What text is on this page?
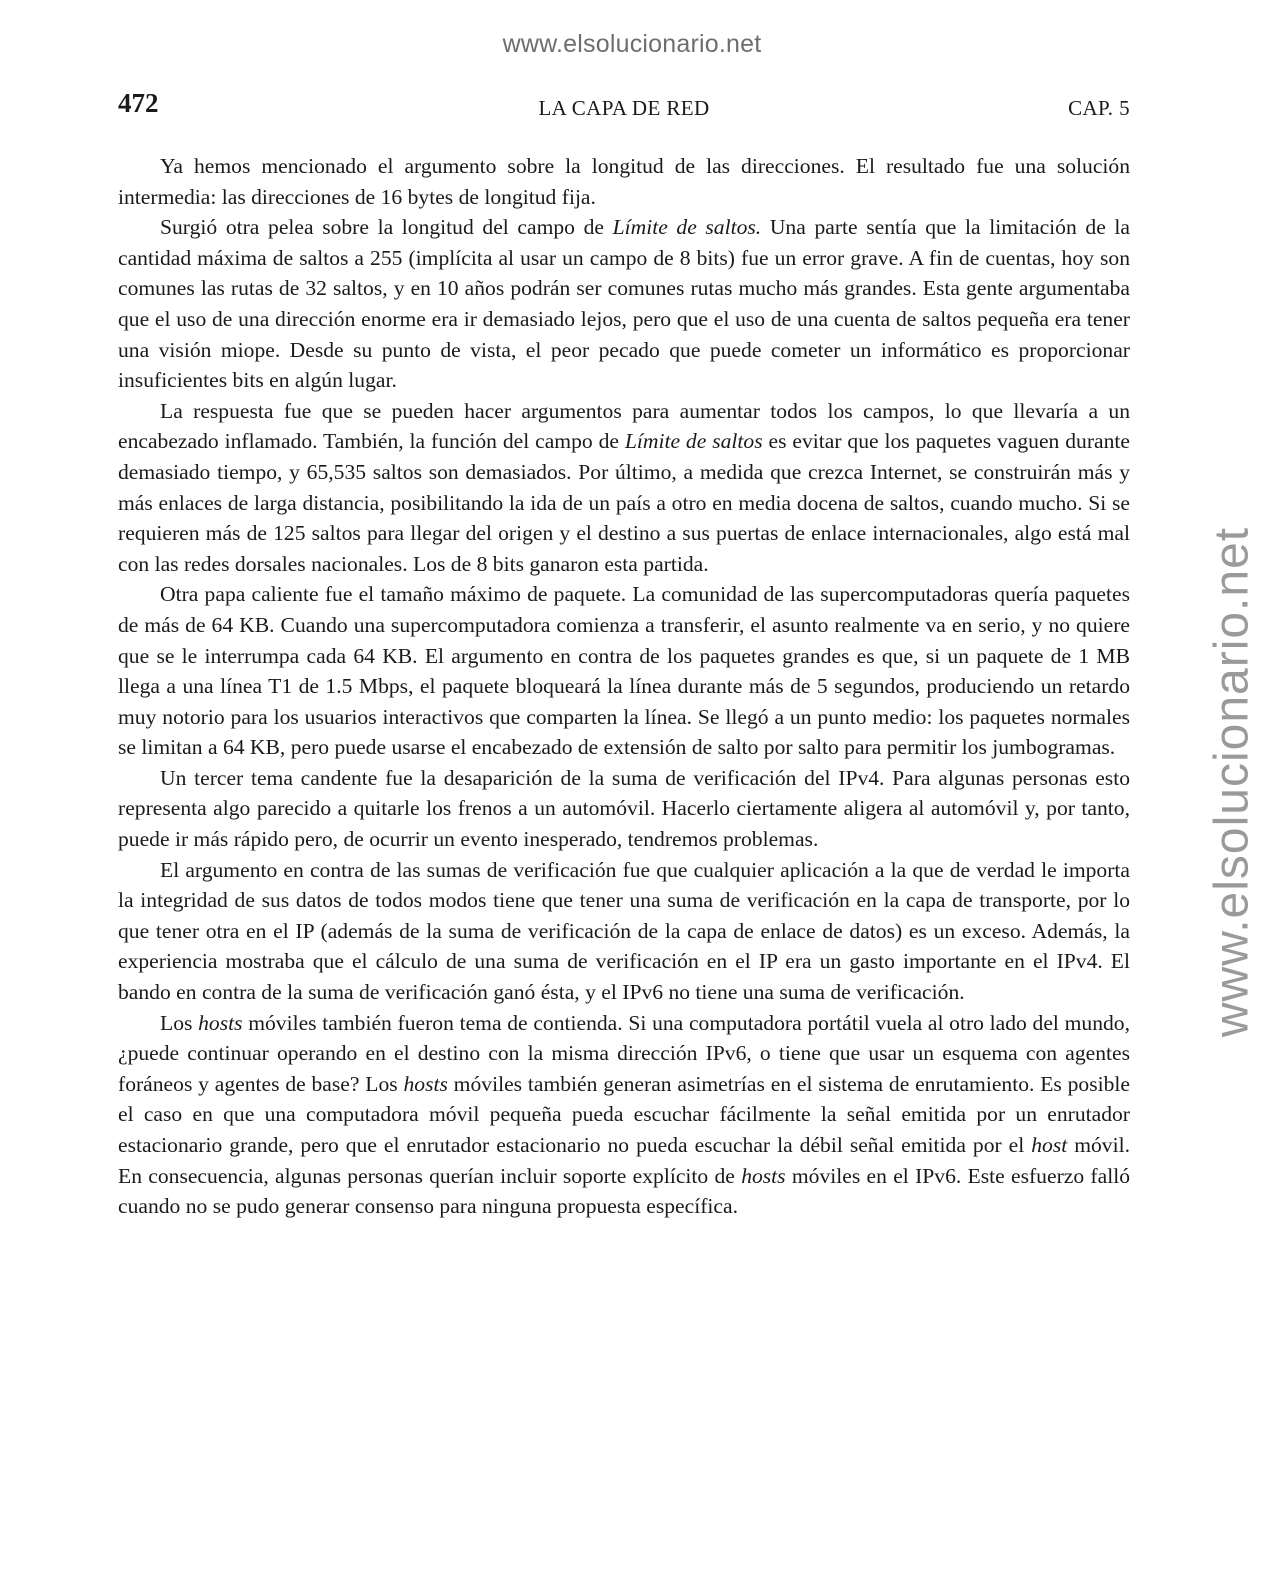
www.elsolucionario.net
www.elsolucionario.net
472	LA CAPA DE RED	CAP. 5

Ya hemos mencionado el argumento sobre la longitud de las direcciones. El resultado fue una solución intermedia: las direcciones de 16 bytes de longitud fija.

Surgió otra pelea sobre la longitud del campo de Límite de saltos. Una parte sentía que la limitación de la cantidad máxima de saltos a 255 (implícita al usar un campo de 8 bits) fue un error grave. A fin de cuentas, hoy son comunes las rutas de 32 saltos, y en 10 años podrán ser comunes rutas mucho más grandes. Esta gente argumentaba que el uso de una dirección enorme era ir demasiado lejos, pero que el uso de una cuenta de saltos pequeña era tener una visión miope. Desde su punto de vista, el peor pecado que puede cometer un informático es proporcionar insuficientes bits en algún lugar.

La respuesta fue que se pueden hacer argumentos para aumentar todos los campos, lo que llevaría a un encabezado inflamado. También, la función del campo de Límite de saltos es evitar que los paquetes vaguen durante demasiado tiempo, y 65,535 saltos son demasiados. Por último, a medida que crezca Internet, se construirán más y más enlaces de larga distancia, posibilitando la ida de un país a otro en media docena de saltos, cuando mucho. Si se requieren más de 125 saltos para llegar del origen y el destino a sus puertas de enlace internacionales, algo está mal con las redes dorsales nacionales. Los de 8 bits ganaron esta partida.

Otra papa caliente fue el tamaño máximo de paquete. La comunidad de las supercomputadoras quería paquetes de más de 64 KB. Cuando una supercomputadora comienza a transferir, el asunto realmente va en serio, y no quiere que se le interrumpa cada 64 KB. El argumento en contra de los paquetes grandes es que, si un paquete de 1 MB llega a una línea T1 de 1.5 Mbps, el paquete bloqueará la línea durante más de 5 segundos, produciendo un retardo muy notorio para los usuarios interactivos que comparten la línea. Se llegó a un punto medio: los paquetes normales se limitan a 64 KB, pero puede usarse el encabezado de extensión de salto por salto para permitir los jumbogramas.

Un tercer tema candente fue la desaparición de la suma de verificación del IPv4. Para algunas personas esto representa algo parecido a quitarle los frenos a un automóvil. Hacerlo ciertamente aligera al automóvil y, por tanto, puede ir más rápido pero, de ocurrir un evento inesperado, tendremos problemas.

El argumento en contra de las sumas de verificación fue que cualquier aplicación a la que de verdad le importa la integridad de sus datos de todos modos tiene que tener una suma de verificación en la capa de transporte, por lo que tener otra en el IP (además de la suma de verificación de la capa de enlace de datos) es un exceso. Además, la experiencia mostraba que el cálculo de una suma de verificación en el IP era un gasto importante en el IPv4. El bando en contra de la suma de verificación ganó ésta, y el IPv6 no tiene una suma de verificación.

Los hosts móviles también fueron tema de contienda. Si una computadora portátil vuela al otro lado del mundo, ¿puede continuar operando en el destino con la misma dirección IPv6, o tiene que usar un esquema con agentes foráneos y agentes de base? Los hosts móviles también generan asimetrías en el sistema de enrutamiento. Es posible el caso en que una computadora móvil pequeña pueda escuchar fácilmente la señal emitida por un enrutador estacionario grande, pero que el enrutador estacionario no pueda escuchar la débil señal emitida por el host móvil. En consecuencia, algunas personas querían incluir soporte explícito de hosts móviles en el IPv6. Este esfuerzo falló cuando no se pudo generar consenso para ninguna propuesta específica.
